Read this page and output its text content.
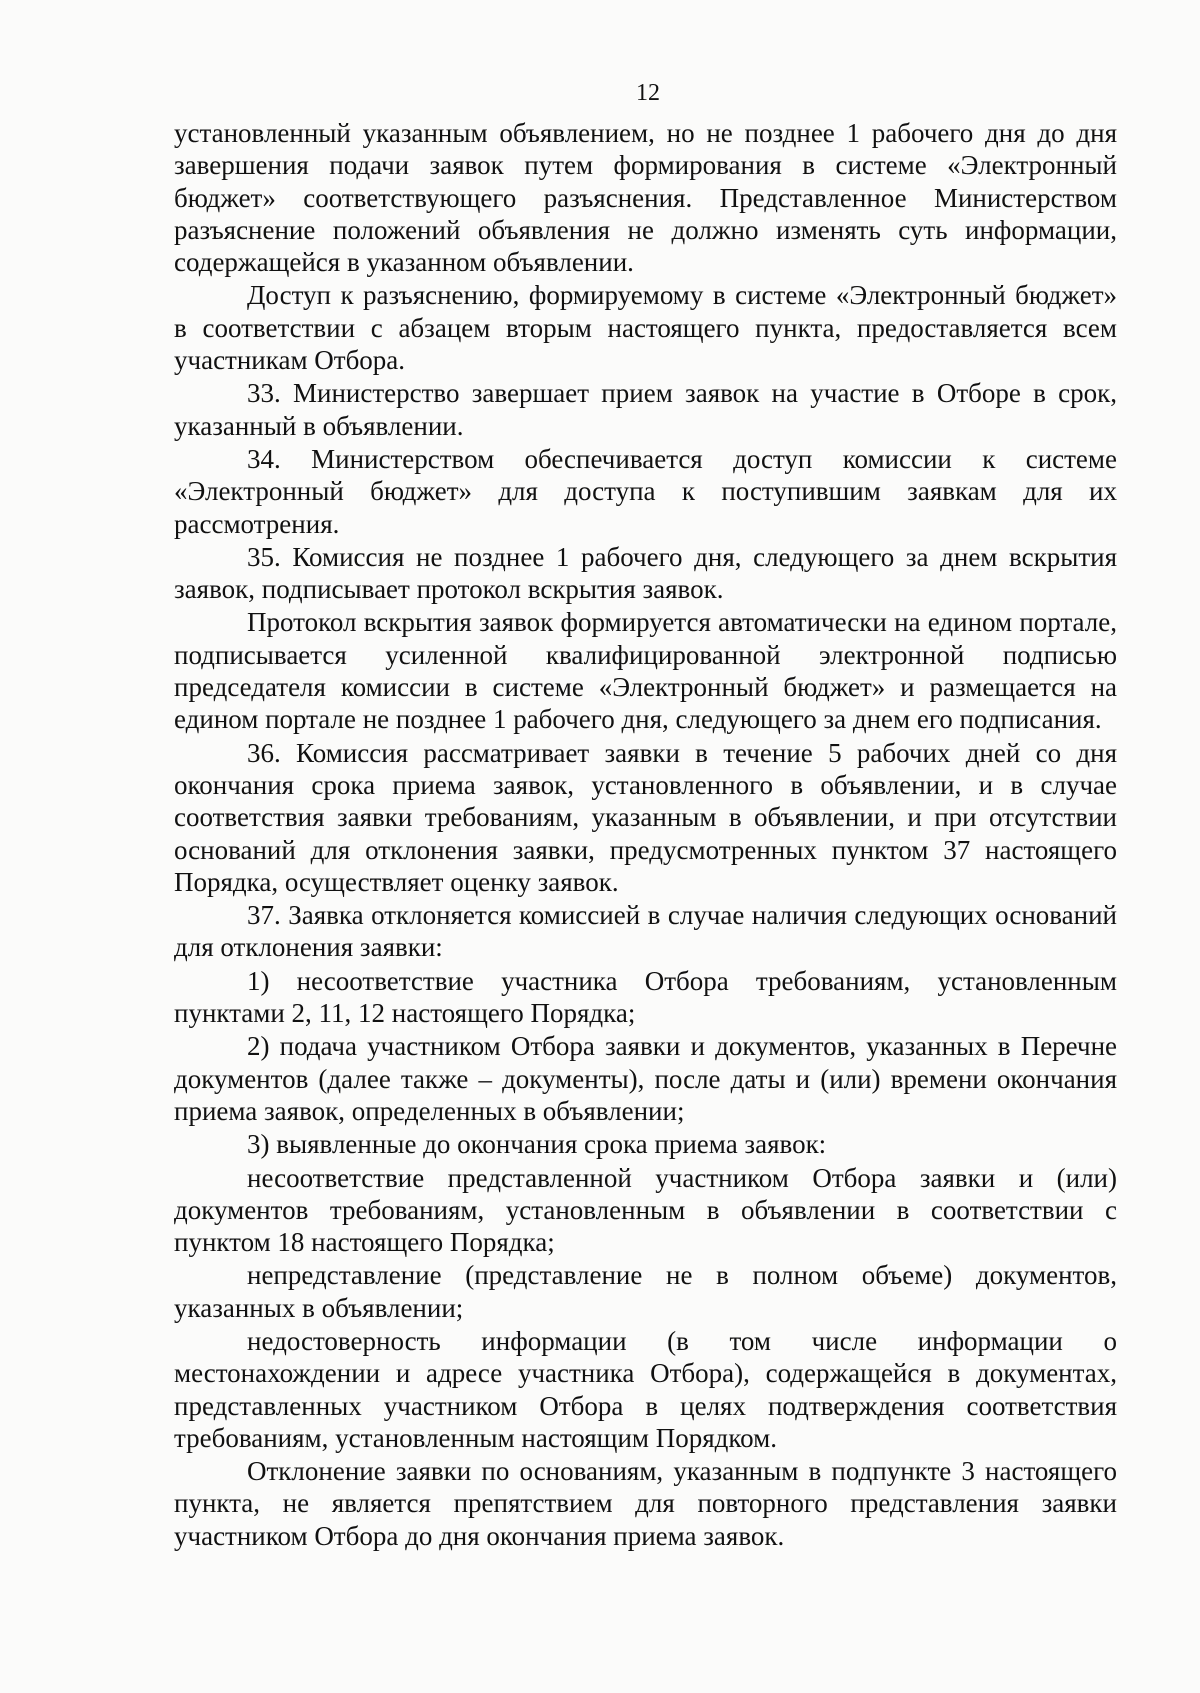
12

установленный указанным объявлением, но не позднее 1 рабочего дня до дня завершения подачи заявок путем формирования в системе «Электронный бюджет» соответствующего разъяснения. Представленное Министерством разъяснение положений объявления не должно изменять суть информации, содержащейся в указанном объявлении.

Доступ к разъяснению, формируемому в системе «Электронный бюджет» в соответствии с абзацем вторым настоящего пункта, предоставляется всем участникам Отбора.

33. Министерство завершает прием заявок на участие в Отборе в срок, указанный в объявлении.

34. Министерством обеспечивается доступ комиссии к системе «Электронный бюджет» для доступа к поступившим заявкам для их рассмотрения.

35. Комиссия не позднее 1 рабочего дня, следующего за днем вскрытия заявок, подписывает протокол вскрытия заявок.

Протокол вскрытия заявок формируется автоматически на едином портале, подписывается усиленной квалифицированной электронной подписью председателя комиссии в системе «Электронный бюджет» и размещается на едином портале не позднее 1 рабочего дня, следующего за днем его подписания.

36. Комиссия рассматривает заявки в течение 5 рабочих дней со дня окончания срока приема заявок, установленного в объявлении, и в случае соответствия заявки требованиям, указанным в объявлении, и при отсутствии оснований для отклонения заявки, предусмотренных пунктом 37 настоящего Порядка, осуществляет оценку заявок.

37. Заявка отклоняется комиссией в случае наличия следующих оснований для отклонения заявки:

1) несоответствие участника Отбора требованиям, установленным пунктами 2, 11, 12 настоящего Порядка;

2) подача участником Отбора заявки и документов, указанных в Перечне документов (далее также – документы), после даты и (или) времени окончания приема заявок, определенных в объявлении;

3) выявленные до окончания срока приема заявок:

несоответствие представленной участником Отбора заявки и (или) документов требованиям, установленным в объявлении в соответствии с пунктом 18 настоящего Порядка;

непредставление (представление не в полном объеме) документов, указанных в объявлении;

недостоверность информации (в том числе информации о местонахождении и адресе участника Отбора), содержащейся в документах, представленных участником Отбора в целях подтверждения соответствия требованиям, установленным настоящим Порядком.

Отклонение заявки по основаниям, указанным в подпункте 3 настоящего пункта, не является препятствием для повторного представления заявки участником Отбора до дня окончания приема заявок.
